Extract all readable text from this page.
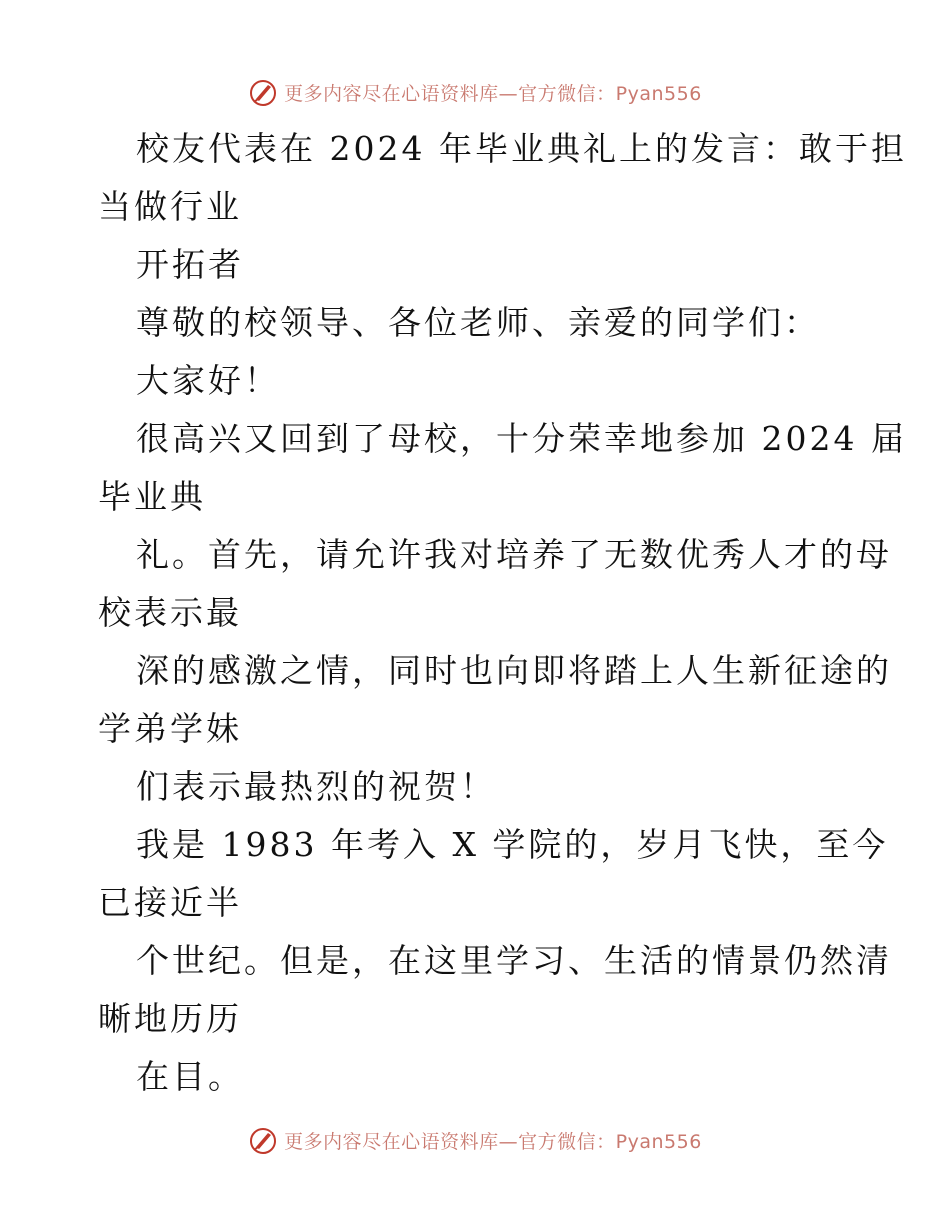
更多内容尽在心语资料库—官方微信：Pyan556
校友代表在 2024 年毕业典礼上的发言：敢于担
当做行业
开拓者
尊敬的校领导、各位老师、亲爱的同学们：
大家好！
很高兴又回到了母校，十分荣幸地参加 2024 届
毕业典
礼。首先，请允许我对培养了无数优秀人才的母
校表示最
深的感激之情，同时也向即将踏上人生新征途的
学弟学妹
们表示最热烈的祝贺！
我是 1983 年考入 X 学院的，岁月飞快，至今
已接近半
个世纪。但是，在这里学习、生活的情景仍然清
晰地历历
在目。
更多内容尽在心语资料库—官方微信：Pyan556
